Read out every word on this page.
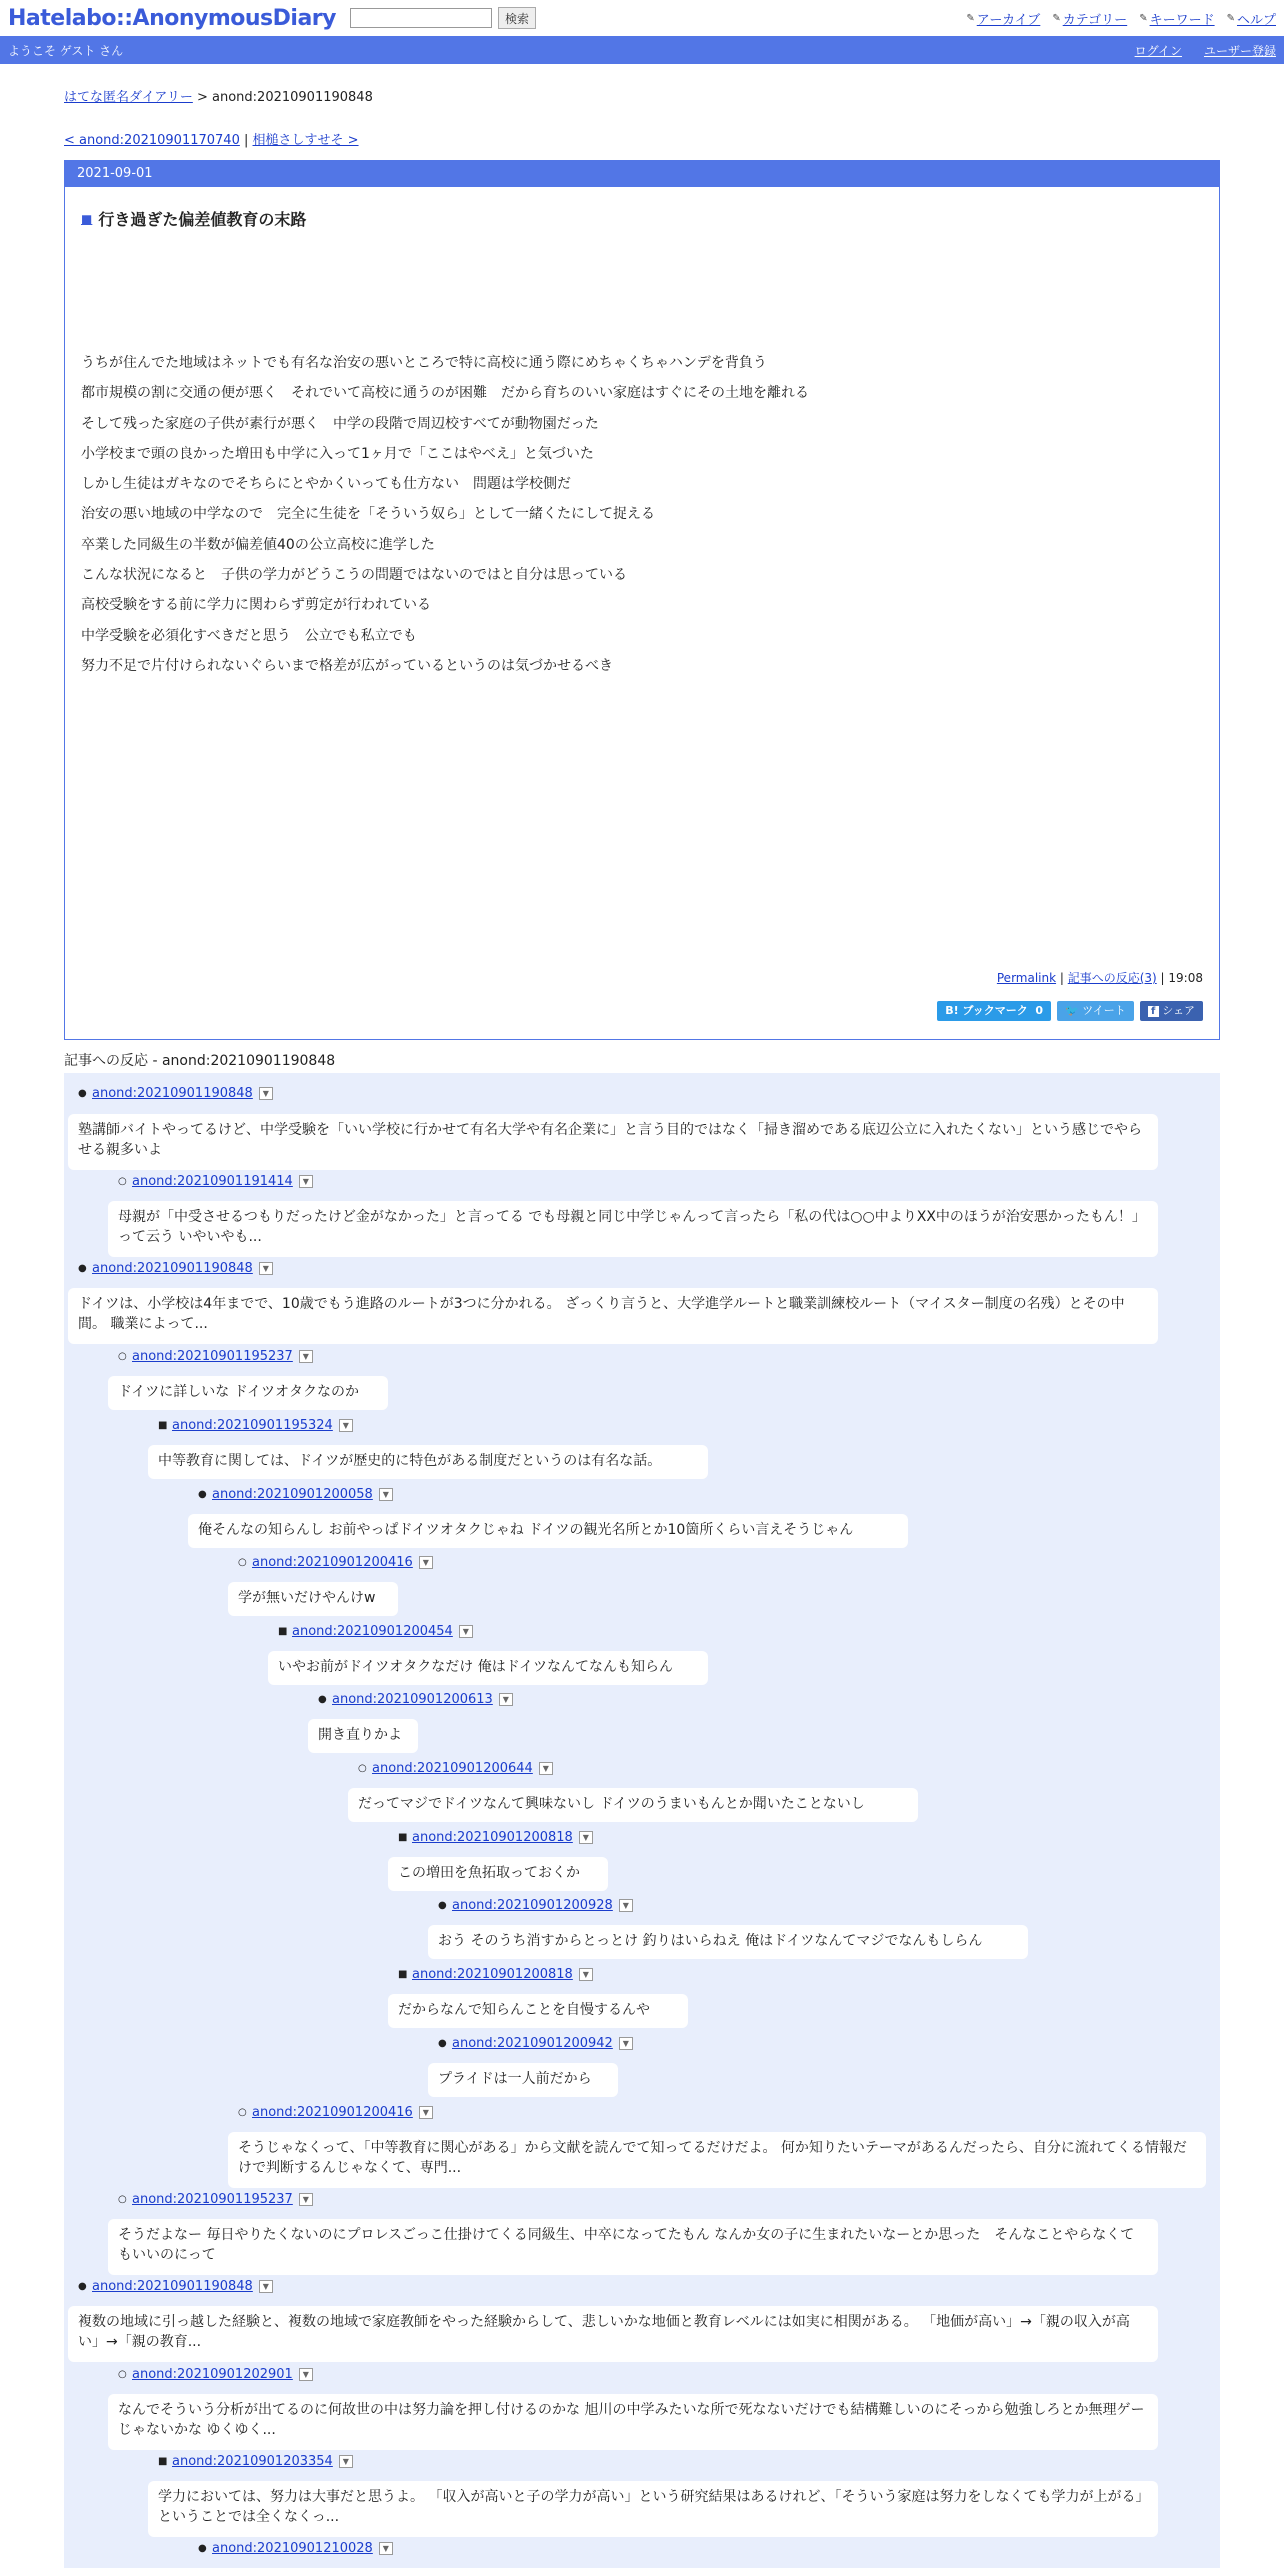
Hatelabo::AnonymousDiary	検索	✎ アーカイブ ✎ カテゴリー ✎ キーワード ✎ ヘルプ
ようこそ ゲスト さん	ログイン ユーザー登録
はてな匿名ダイアリー > anond:20210901190848
< anond:20210901170740 | 相槌さしすせそ >
2021-09-01
■ 行き過ぎた偏差値教育の末路
うちが住んでた地域はネットでも有名な治安の悪いところで特に高校に通う際にめちゃくちゃハンデを背負う
都市規模の割に交通の便が悪く　それでいて高校に通うのが困難　だから育ちのいい家庭はすぐにその土地を離れる
そして残った家庭の子供が素行が悪く　中学の段階で周辺校すべてが動物園だった
小学校まで頭の良かった増田も中学に入って1ヶ月で「ここはやべえ」と気づいた
しかし生徒はガキなのでそちらにとやかくいっても仕方ない　問題は学校側だ
治安の悪い地域の中学なので　完全に生徒を「そういう奴ら」として一緒くたにして捉える
卒業した同級生の半数が偏差値40の公立高校に進学した
こんな状況になると　子供の学力がどうこうの問題ではないのではと自分は思っている
高校受験をする前に学力に関わらず剪定が行われている
中学受験を必須化すべきだと思う　公立でも私立でも
努力不足で片付けられないぐらいまで格差が広がっているというのは気づかせるべき
Permalink | 記事への反応(3) | 19:08
B! ブックマーク 0	🐦 ツイート	f シェア
記事への反応 - anond:20210901190848
● anond:20210901190848	▼
塾講師バイトやってるけど、中学受験を「いい学校に行かせて有名大学や有名企業に」と言う目的ではなく「掃き溜めである底辺公立に入れたくない」という感じでやらせる親多いよ
○ anond:20210901191414	▼
母親が「中受させるつもりだったけど金がなかった」と言ってる でも母親と同じ中学じゃんって言ったら「私の代は○○中よりXX中のほうが治安悪かったもん！」って云う いやいやも...
● anond:20210901190848	▼
ドイツは、小学校は4年までで、10歳でもう進路のルートが3つに分かれる。 ざっくり言うと、大学進学ルートと職業訓練校ルート（マイスター制度の名残）とその中間。 職業によって...
○ anond:20210901195237	▼
ドイツに詳しいな ドイツオタクなのか
■ anond:20210901195324	▼
中等教育に関しては、ドイツが歴史的に特色がある制度だというのは有名な話。
● anond:20210901200058	▼
俺そんなの知らんし お前やっぱドイツオタクじゃね ドイツの観光名所とか10箇所くらい言えそうじゃん
○ anond:20210901200416	▼
学が無いだけやんけw
■ anond:20210901200454	▼
いやお前がドイツオタクなだけ 俺はドイツなんてなんも知らん
● anond:20210901200613	▼
開き直りかよ
○ anond:20210901200644	▼
だってマジでドイツなんて興味ないし ドイツのうまいもんとか聞いたことないし
■ anond:20210901200818	▼
この増田を魚拓取っておくか
● anond:20210901200928	▼
おう そのうち消すからとっとけ 釣りはいらねえ 俺はドイツなんてマジでなんもしらん
■ anond:20210901200818	▼
だからなんで知らんことを自慢するんや
● anond:20210901200942	▼
プライドは一人前だから
○ anond:20210901200416	▼
そうじゃなくって、「中等教育に関心がある」から文献を読んでて知ってるだけだよ。 何か知りたいテーマがあるんだったら、自分に流れてくる情報だけで判断するんじゃなくて、専門...
○ anond:20210901195237	▼
そうだよなー 毎日やりたくないのにプロレスごっこ仕掛けてくる同級生、中卒になってたもん なんか女の子に生まれたいなーとか思った　そんなことやらなくてもいいのにって
● anond:20210901190848	▼
複数の地域に引っ越した経験と、複数の地域で家庭教師をやった経験からして、悲しいかな地価と教育レベルには如実に相関がある。 「地価が高い」→「親の収入が高い」→「親の教育...
○ anond:20210901202901	▼
なんでそういう分析が出てるのに何故世の中は努力論を押し付けるのかな 旭川の中学みたいな所で死なないだけでも結構難しいのにそっから勉強しろとか無理ゲーじゃないかな ゆくゆく...
■ anond:20210901203354	▼
学力においては、努力は大事だと思うよ。 「収入が高いと子の学力が高い」という研究結果はあるけれど、「そういう家庭は努力をしなくても学力が上がる」ということでは全くなくっ...
● anond:20210901210028	▼
